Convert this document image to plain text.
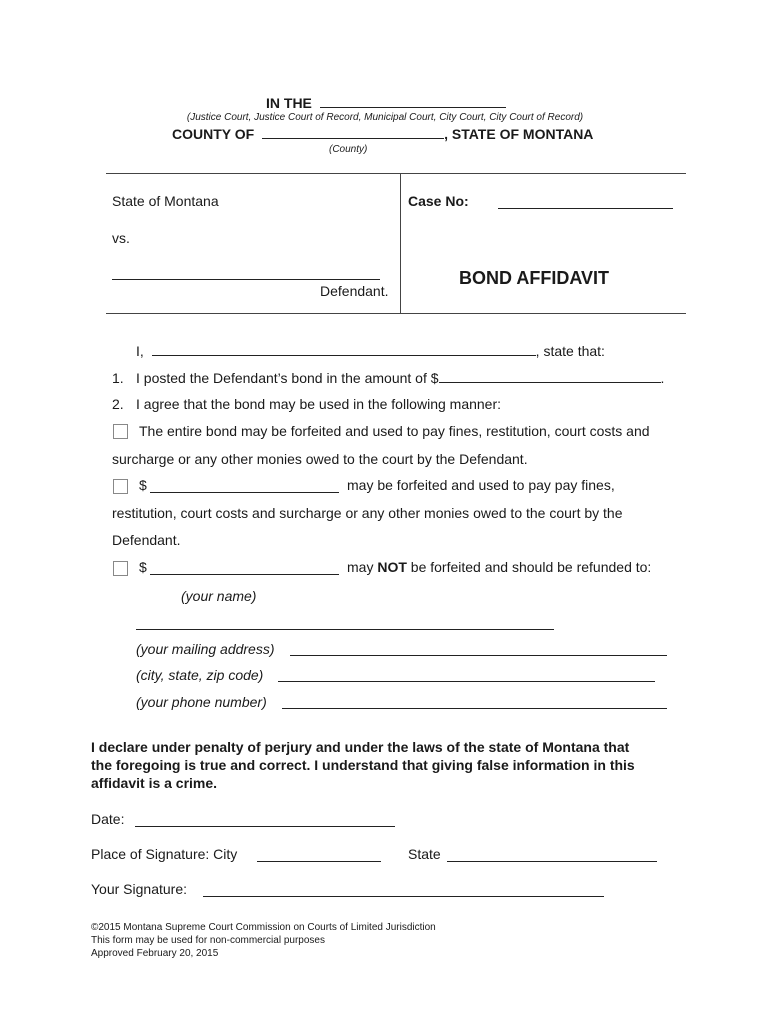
IN THE
(Justice Court, Justice Court of Record, Municipal Court, City Court, City Court of Record)
COUNTY OF	, STATE OF MONTANA
(County)
State of Montana
vs.
Defendant.
Case No:
BOND AFFIDAVIT
I,	, state that:
1. I posted the Defendant’s bond in the amount of $	.
2. I agree that the bond may be used in the following manner:
The entire bond may be forfeited and used to pay fines, restitution, court costs and
surcharge or any other monies owed to the court by the Defendant.
$	may be forfeited and used to pay pay fines,
restitution, court costs and surcharge or any other monies owed to the court by the
Defendant.
$	may NOT be forfeited and should be refunded to:
(your name)
(your mailing address)
(city, state, zip code)
(your phone number)
I declare under penalty of perjury and under the laws of the state of Montana that
the foregoing is true and correct. I understand that giving false information in this
affidavit is a crime.
Date:
Place of Signature: City	State
Your Signature:
©2015 Montana Supreme Court Commission on Courts of Limited Jurisdiction
This form may be used for non-commercial purposes
Approved February 20, 2015
